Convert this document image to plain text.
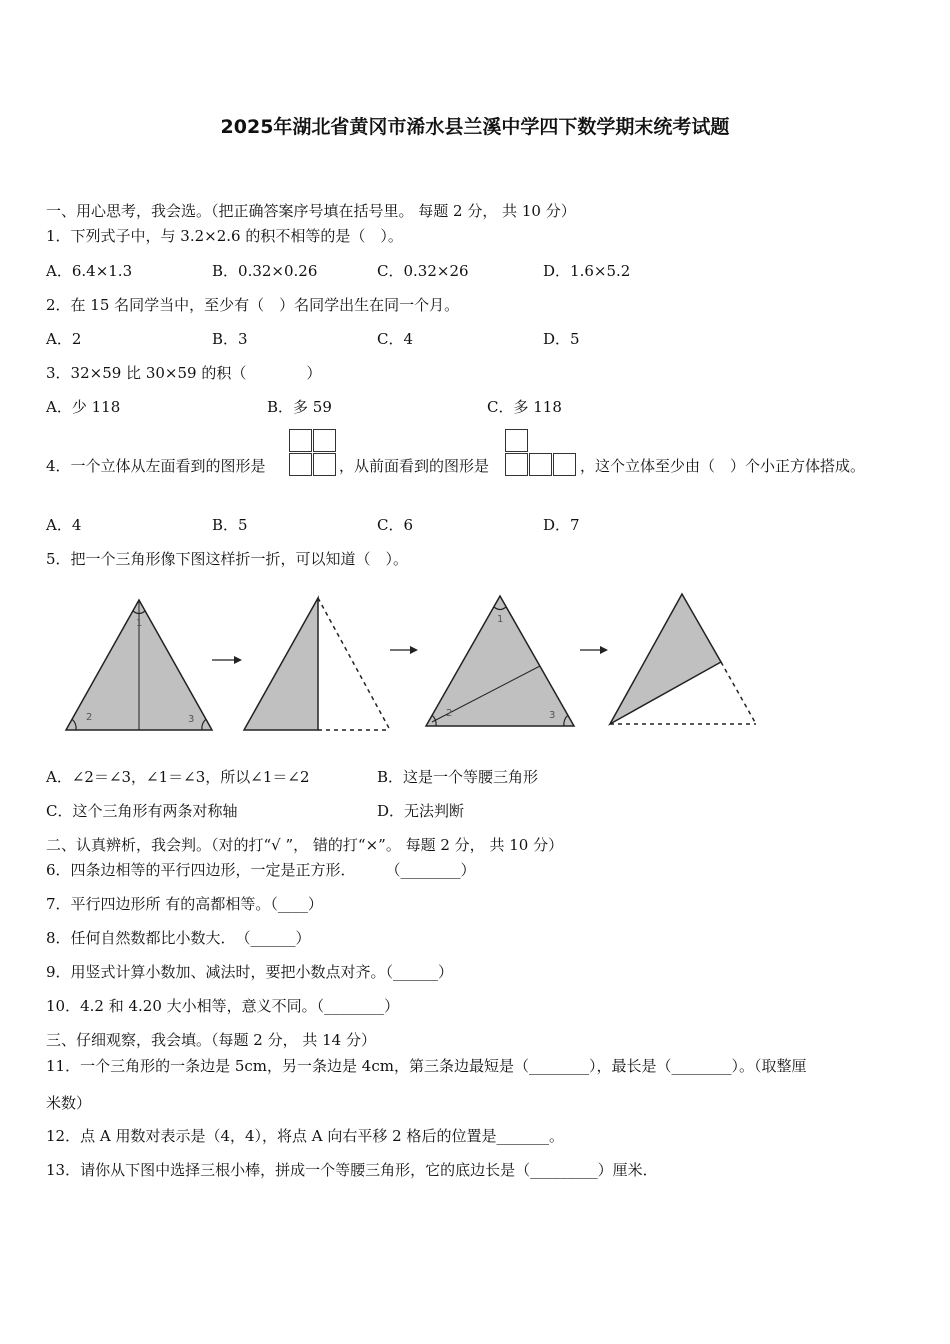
2025年湖北省黄冈市浠水县兰溪中学四下数学期末统考试题
一、用心思考，我会选。（把正确答案序号填在括号里。 每题 2 分， 共 10 分）
1．下列式子中，与 3.2×2.6 的积不相等的是（　）。
A．6.4×1.3	B．0.32×0.26	C．0.32×26	D．1.6×5.2
2．在 15 名同学当中，至少有（　）名同学出生在同一个月。
A．2	B．3	C．4	D．5
3．32×59 比 30×59 的积（　　　　）
A．少 118	B．多 59	C．多 118
4．一个立体从左面看到的图形是	，从前面看到的图形是	，这个立体至少由（　）个小正方体搭成。
A．4	B．5	C．6	D．7
5．把一个三角形像下图这样折一折，可以知道（　）。
1
2	3
1
2	3
A．∠2＝∠3，∠1＝∠3，所以∠1＝∠2	B．这是一个等腰三角形
C．这个三角形有两条对称轴	D．无法判断
二、认真辨析，我会判。（对的打“√ ”， 错的打“×”。 每题 2 分， 共 10 分）
6．四条边相等的平行四边形，一定是正方形．　　　（________）
7．平行四边形所 有的高都相等。（____）
8．任何自然数都比小数大．　（______）
9．用竖式计算小数加、减法时，要把小数点对齐。（______）
10．4.2 和 4.20 大小相等，意义不同。（________）
三、仔细观察，我会填。（每题 2 分， 共 14 分）
11．一个三角形的一条边是 5cm，另一条边是 4cm，第三条边最短是（________），最长是（________）。（取整厘
米数）
12．点 A 用数对表示是（4，4），将点 A 向右平移 2 格后的位置是_______。
13．请你从下图中选择三根小棒，拼成一个等腰三角形，它的底边长是（_________）厘米．
